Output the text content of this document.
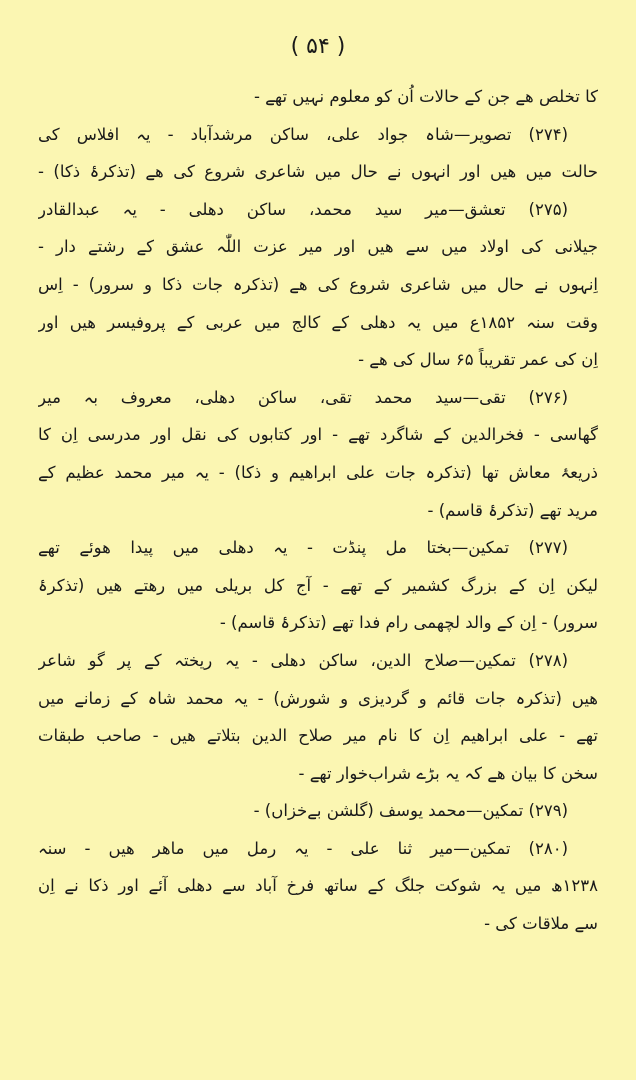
( ۵۴ )
کا تخلص ھے جن کے حالات اُن کو معلوم نہیں تھے -
(۲۷۴) تصویر—شاہ جواد علی، ساکن مرشدآباد - یہ افلاس کی
حالت میں ھیں اور انہوں نے حال میں شاعری شروع کی ھے (تذکرۂ ذکا) -
(۲۷۵) تعشق—میر سید محمد، ساکن دھلی - یہ عبدالقادر
جیلانی کی اولاد میں سے ھیں اور میر عزت اللّٰہ عشق کے رشتے دار -
اِنہوں نے حال میں شاعری شروع کی ھے (تذکرہ جات ذکا و سرور) - اِس
وقت سنہ ۱۸۵۲ع میں یہ دھلی کے کالج میں عربی کے پروفیسر ھیں اور
اِن کی عمر تقریباً ۶۵ سال کی ھے -
(۲۷۶) تقی—سید محمد تقی، ساکن دھلی، معروف بہ میر
گھاسی - فخرالدین کے شاگرد تھے - اور کتابوں کی نقل اور مدرسی اِن کا
ذریعۂ معاش تھا (تذکرہ جات علی ابراھیم و ذکا) - یہ میر محمد عظیم کے
مرید تھے (تذکرۂ قاسم) -
(۲۷۷) تمکین—بختا مل پنڈت - یہ دھلی میں پیدا ھوئے تھے
لیکن اِن کے بزرگ کشمیر کے تھے - آج کل بریلی میں رھتے ھیں (تذکرۂ
سرور) - اِن کے والد لچھمی رام فدا تھے (تذکرۂ قاسم) -
(۲۷۸) تمکین—صلاح الدین، ساکن دھلی - یہ ریختہ کے پر گو شاعر
ھیں (تذکرہ جات قائم و گردیزی و شورش) - یہ محمد شاہ کے زمانے میں
تھے - علی ابراھیم اِن کا نام میر صلاح الدین بتلاتے ھیں - صاحب طبقات
سخن کا بیان ھے کہ یہ بڑے شراب‌خوار تھے -
(۲۷۹) تمکین—محمد یوسف (گلشن بےخزاں) -
(۲۸۰) تمکین—میر ثنا علی - یہ رمل میں ماھر ھیں - سنہ
۱۲۳۸ھ میں یہ شوکت جلگ کے ساتھ فرخ آباد سے دھلی آئے اور ذکا نے اِن
سے ملاقات کی -
